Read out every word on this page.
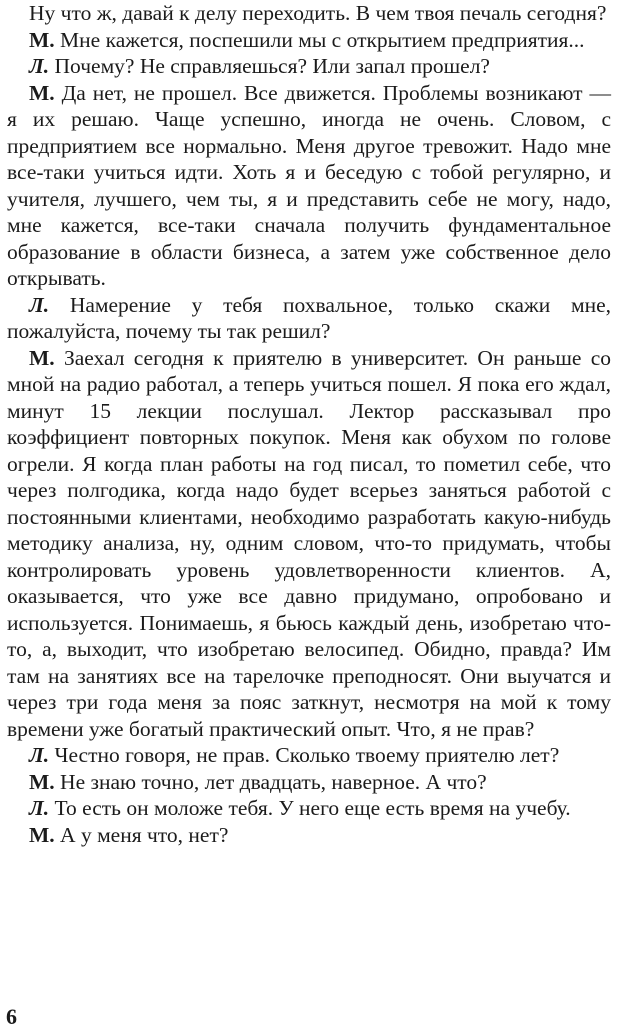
Ну что ж, давай к делу переходить. В чем твоя печаль сегодня?

М. Мне кажется, поспешили мы с открытием предприятия...

Л. Почему? Не справляешься? Или запал прошел?

М. Да нет, не прошел. Все движется. Проблемы возникают — я их решаю. Чаще успешно, иногда не очень. Словом, с предприятием все нормально. Меня другое тревожит. Надо мне все-таки учиться идти. Хоть я и беседую с тобой регулярно, и учителя, лучшего, чем ты, я и представить себе не могу, надо, мне кажется, все-таки сначала получить фундаментальное образование в области бизнеса, а затем уже собственное дело открывать.

Л. Намерение у тебя похвальное, только скажи мне, пожалуйста, почему ты так решил?

М. Заехал сегодня к приятелю в университет. Он раньше со мной на радио работал, а теперь учиться пошел. Я пока его ждал, минут 15 лекции послушал. Лектор рассказывал про коэффициент повторных покупок. Меня как обухом по голове огрели. Я когда план работы на год писал, то пометил себе, что через полгодика, когда надо будет всерьез заняться работой с постоянными клиентами, необходимо разработать какую-нибудь методику анализа, ну, одним словом, что-то придумать, чтобы контролировать уровень удовлетворенности клиентов. А, оказывается, что уже все давно придумано, опробовано и используется. Понимаешь, я бьюсь каждый день, изобретаю что-то, а, выходит, что изобретаю велосипед. Обидно, правда? Им там на занятиях все на тарелочке преподносят. Они выучатся и через три года меня за пояс заткнут, несмотря на мой к тому времени уже богатый практический опыт. Что, я не прав?

Л. Честно говоря, не прав. Сколько твоему приятелю лет?

М. Не знаю точно, лет двадцать, наверное. А что?

Л. То есть он моложе тебя. У него еще есть время на учебу.

М. А у меня что, нет?

6
